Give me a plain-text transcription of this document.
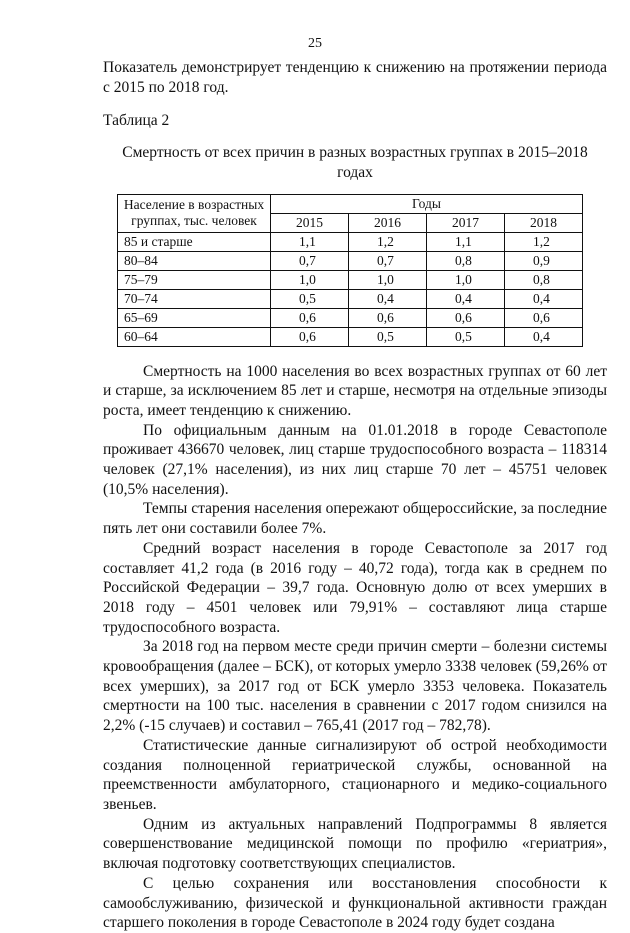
25

Показатель демонстрирует тенденцию к снижению на протяжении периода с 2015 по 2018 год.

Таблица 2

Смертность от всех причин в разных возрастных группах в 2015–2018 годах

Население в возрастных группах, тыс. человек	Годы			
	2015	2016	2017	2018
85 и старше	1,1	1,2	1,1	1,2
80–84	0,7	0,7	0,8	0,9
75–79	1,0	1,0	1,0	0,8
70–74	0,5	0,4	0,4	0,4
65–69	0,6	0,6	0,6	0,6
60–64	0,6	0,5	0,5	0,4

Смертность на 1000 населения во всех возрастных группах от 60 лет и старше, за исключением 85 лет и старше, несмотря на отдельные эпизоды роста, имеет тенденцию к снижению.

По официальным данным на 01.01.2018 в городе Севастополе проживает 436670 человек, лиц старше трудоспособного возраста – 118314 человек (27,1% населения), из них лиц старше 70 лет – 45751 человек (10,5% населения).

Темпы старения населения опережают общероссийские, за последние пять лет они составили более 7%.

Средний возраст населения в городе Севастополе за 2017 год составляет 41,2 года (в 2016 году – 40,72 года), тогда как в среднем по Российской Федерации – 39,7 года. Основную долю от всех умерших в 2018 году – 4501 человек или 79,91% – составляют лица старше трудоспособного возраста.

За 2018 год на первом месте среди причин смерти – болезни системы кровообращения (далее – БСК), от которых умерло 3338 человек (59,26% от всех умерших), за 2017 год от БСК умерло 3353 человека. Показатель смертности на 100 тыс. населения в сравнении с 2017 годом снизился на 2,2% (-15 случаев) и составил – 765,41 (2017 год – 782,78).

Статистические данные сигнализируют об острой необходимости создания полноценной гериатрической службы, основанной на преемственности амбулаторного, стационарного и медико-социального звеньев.

Одним из актуальных направлений Подпрограммы 8 является совершенствование медицинской помощи по профилю «гериатрия», включая подготовку соответствующих специалистов.

С целью сохранения или восстановления способности к самообслуживанию, физической и функциональной активности граждан старшего поколения в городе Севастополе в 2024 году будет создана
